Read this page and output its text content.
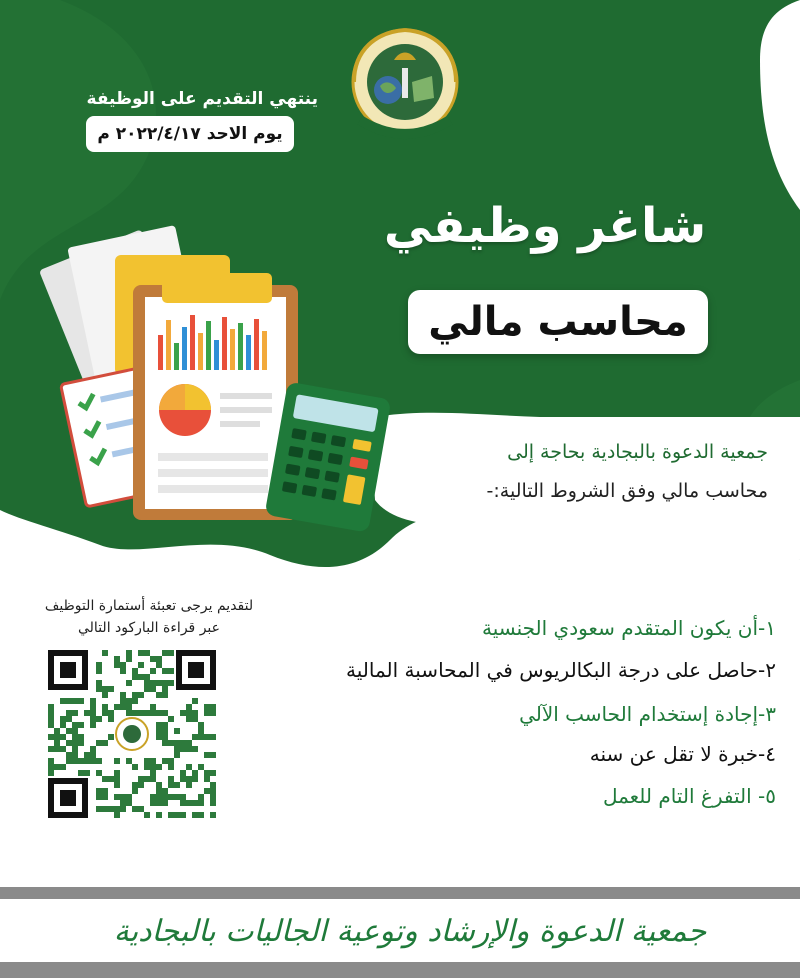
ينتهي التقديم على الوظيفة
يوم الاحد ٢٠٢٢/٤/١٧ م
شاغر وظيفي
محاسب مالي
جمعية الدعوة بالبجادية بحاجة إلى
محاسب مالي وفق الشروط التالية:-
لتقديم يرجى تعبئة أستمارة التوظيف
عبر قراءة الباركود التالي	١-أن يكون المتقدم سعودي الجنسية
٢-حاصل على درجة البكالريوس في المحاسبة المالية
٣-إجادة إستخدام الحاسب الآلي
٤-خبرة لا تقل عن سنه
٥- التفرغ التام للعمل
جمعية الدعوة والإرشاد وتوعية الجاليات بالبجادية
